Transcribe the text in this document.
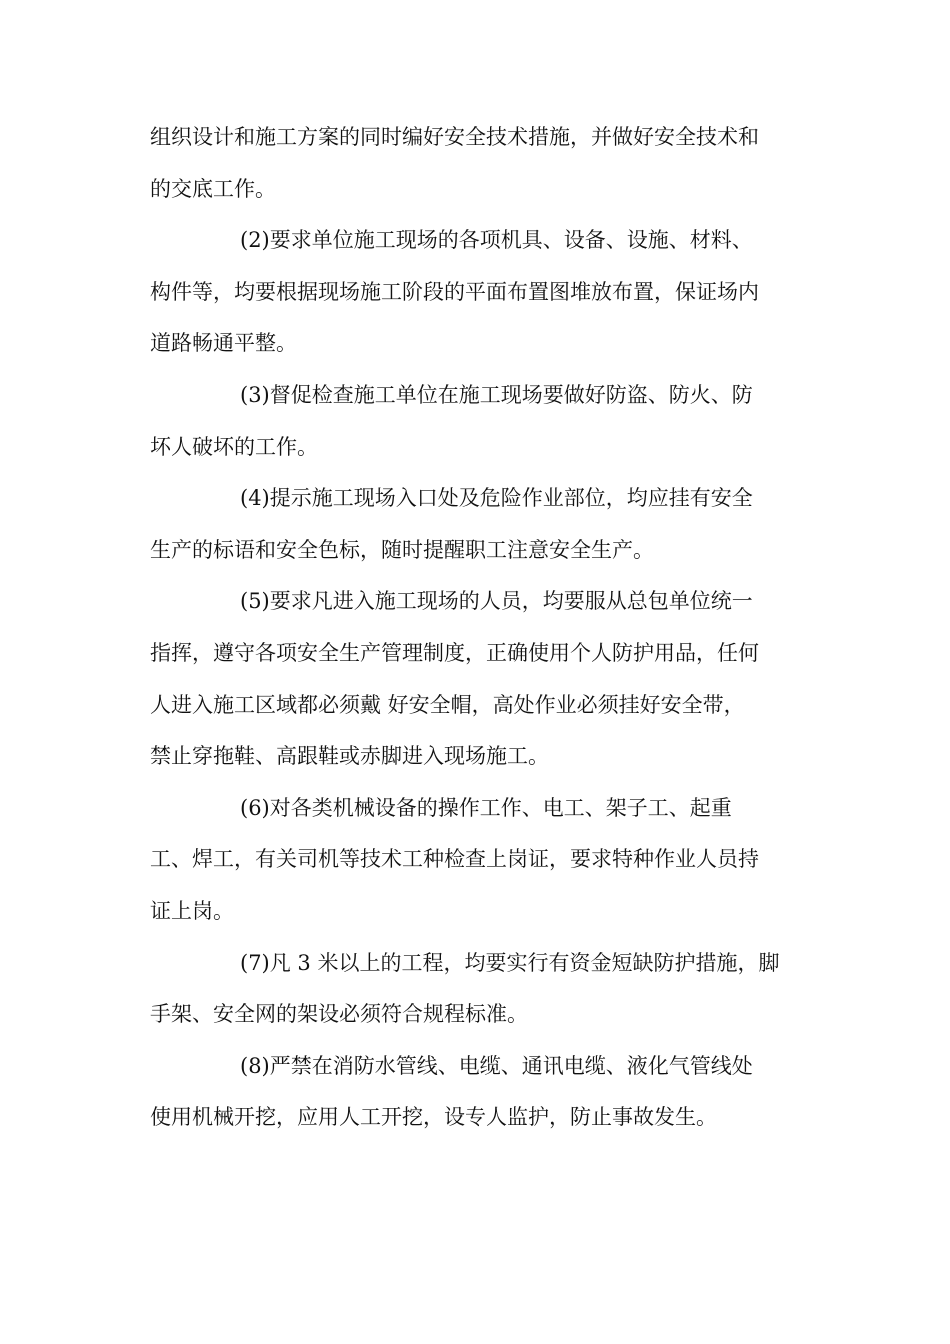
组织设计和施工方案的同时编好安全技术措施，并做好安全技术和
的交底工作。
(2)要求单位施工现场的各项机具、设备、设施、材料、
构件等，均要根据现场施工阶段的平面布置图堆放布置，保证场内
道路畅通平整。
(3)督促检查施工单位在施工现场要做好防盗、防火、防
坏人破坏的工作。
(4)提示施工现场入口处及危险作业部位，均应挂有安全
生产的标语和安全色标，随时提醒职工注意安全生产。
(5)要求凡进入施工现场的人员，均要服从总包单位统一
指挥，遵守各项安全生产管理制度，正确使用个人防护用品，任何
人进入施工区域都必须戴 好安全帽，高处作业必须挂好安全带，
禁止穿拖鞋、高跟鞋或赤脚进入现场施工。
(6)对各类机械设备的操作工作、电工、架子工、起重
工、焊工，有关司机等技术工种检查上岗证，要求特种作业人员持
证上岗。
(7)凡 3 米以上的工程，均要实行有资金短缺防护措施，脚
手架、安全网的架设必须符合规程标准。
(8)严禁在消防水管线、电缆、通讯电缆、液化气管线处
使用机械开挖，应用人工开挖，设专人监护，防止事故发生。
